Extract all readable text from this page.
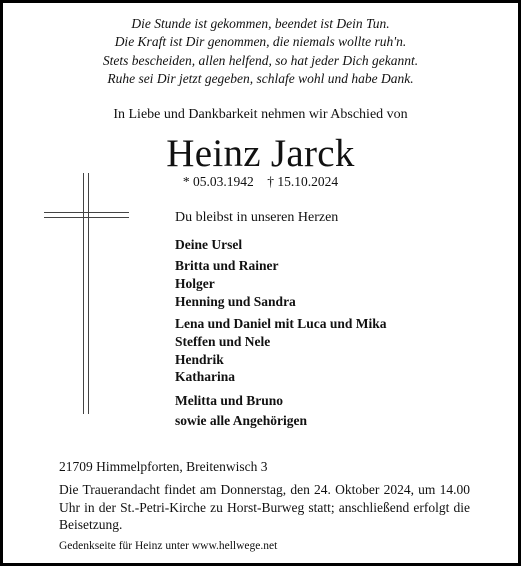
Die Stunde ist gekommen, beendet ist Dein Tun.
Die Kraft ist Dir genommen, die niemals wollte ruh'n.
Stets bescheiden, allen helfend, so hat jeder Dich gekannt.
Ruhe sei Dir jetzt gegeben, schlafe wohl und habe Dank.
In Liebe und Dankbarkeit nehmen wir Abschied von
Heinz Jarck
* 05.03.1942    † 15.10.2024
Du bleibst in unseren Herzen
Deine Ursel
Britta und Rainer
Holger
Henning und Sandra
Lena und Daniel mit Luca und Mika
Steffen und Nele
Hendrik
Katharina
Melitta und Bruno
sowie alle Angehörigen
21709 Himmelpforten, Breitenwisch 3
Die Trauerandacht findet am Donnerstag, den 24. Oktober 2024, um 14.00 Uhr in der St.-Petri-Kirche zu Horst-Burweg statt; anschließend erfolgt die Beisetzung.
Gedenkseite für Heinz unter www.hellwege.net
